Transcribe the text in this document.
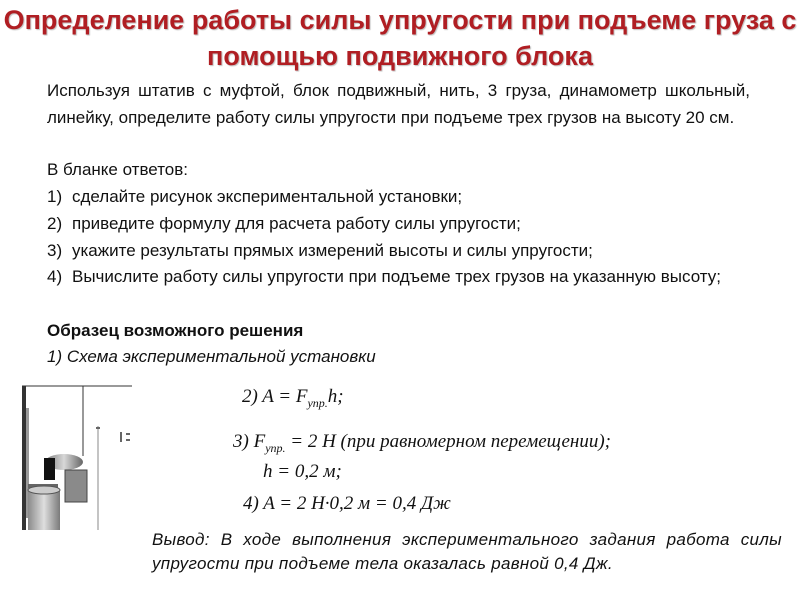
Определение работы силы упругости при подъеме груза с помощью подвижного блока
Используя штатив с муфтой, блок подвижный, нить, 3 груза, динамометр школьный, линейку, определите работу силы упругости при подъеме трех грузов на высоту 20 см.
В бланке ответов:
1) сделайте рисунок экспериментальной установки;
2) приведите формулу для расчета работу силы упругости;
3) укажите результаты прямых измерений высоты и силы упругости;
4) Вычислите работу силы упругости при подъеме трех грузов на указанную высоту;
Образец возможного решения
1) Схема экспериментальной установки
2) $A = F_{упр.}h$;
3) $F_{упр.} = 2$ Н (при равномерном перемещении);
h = 0,2 м;
4) A = 2 Н·0,2 м = 0,4 Дж
Вывод: В ходе выполнения экспериментального задания работа силы упругости при подъеме тела оказалась равной 0,4 Дж.
